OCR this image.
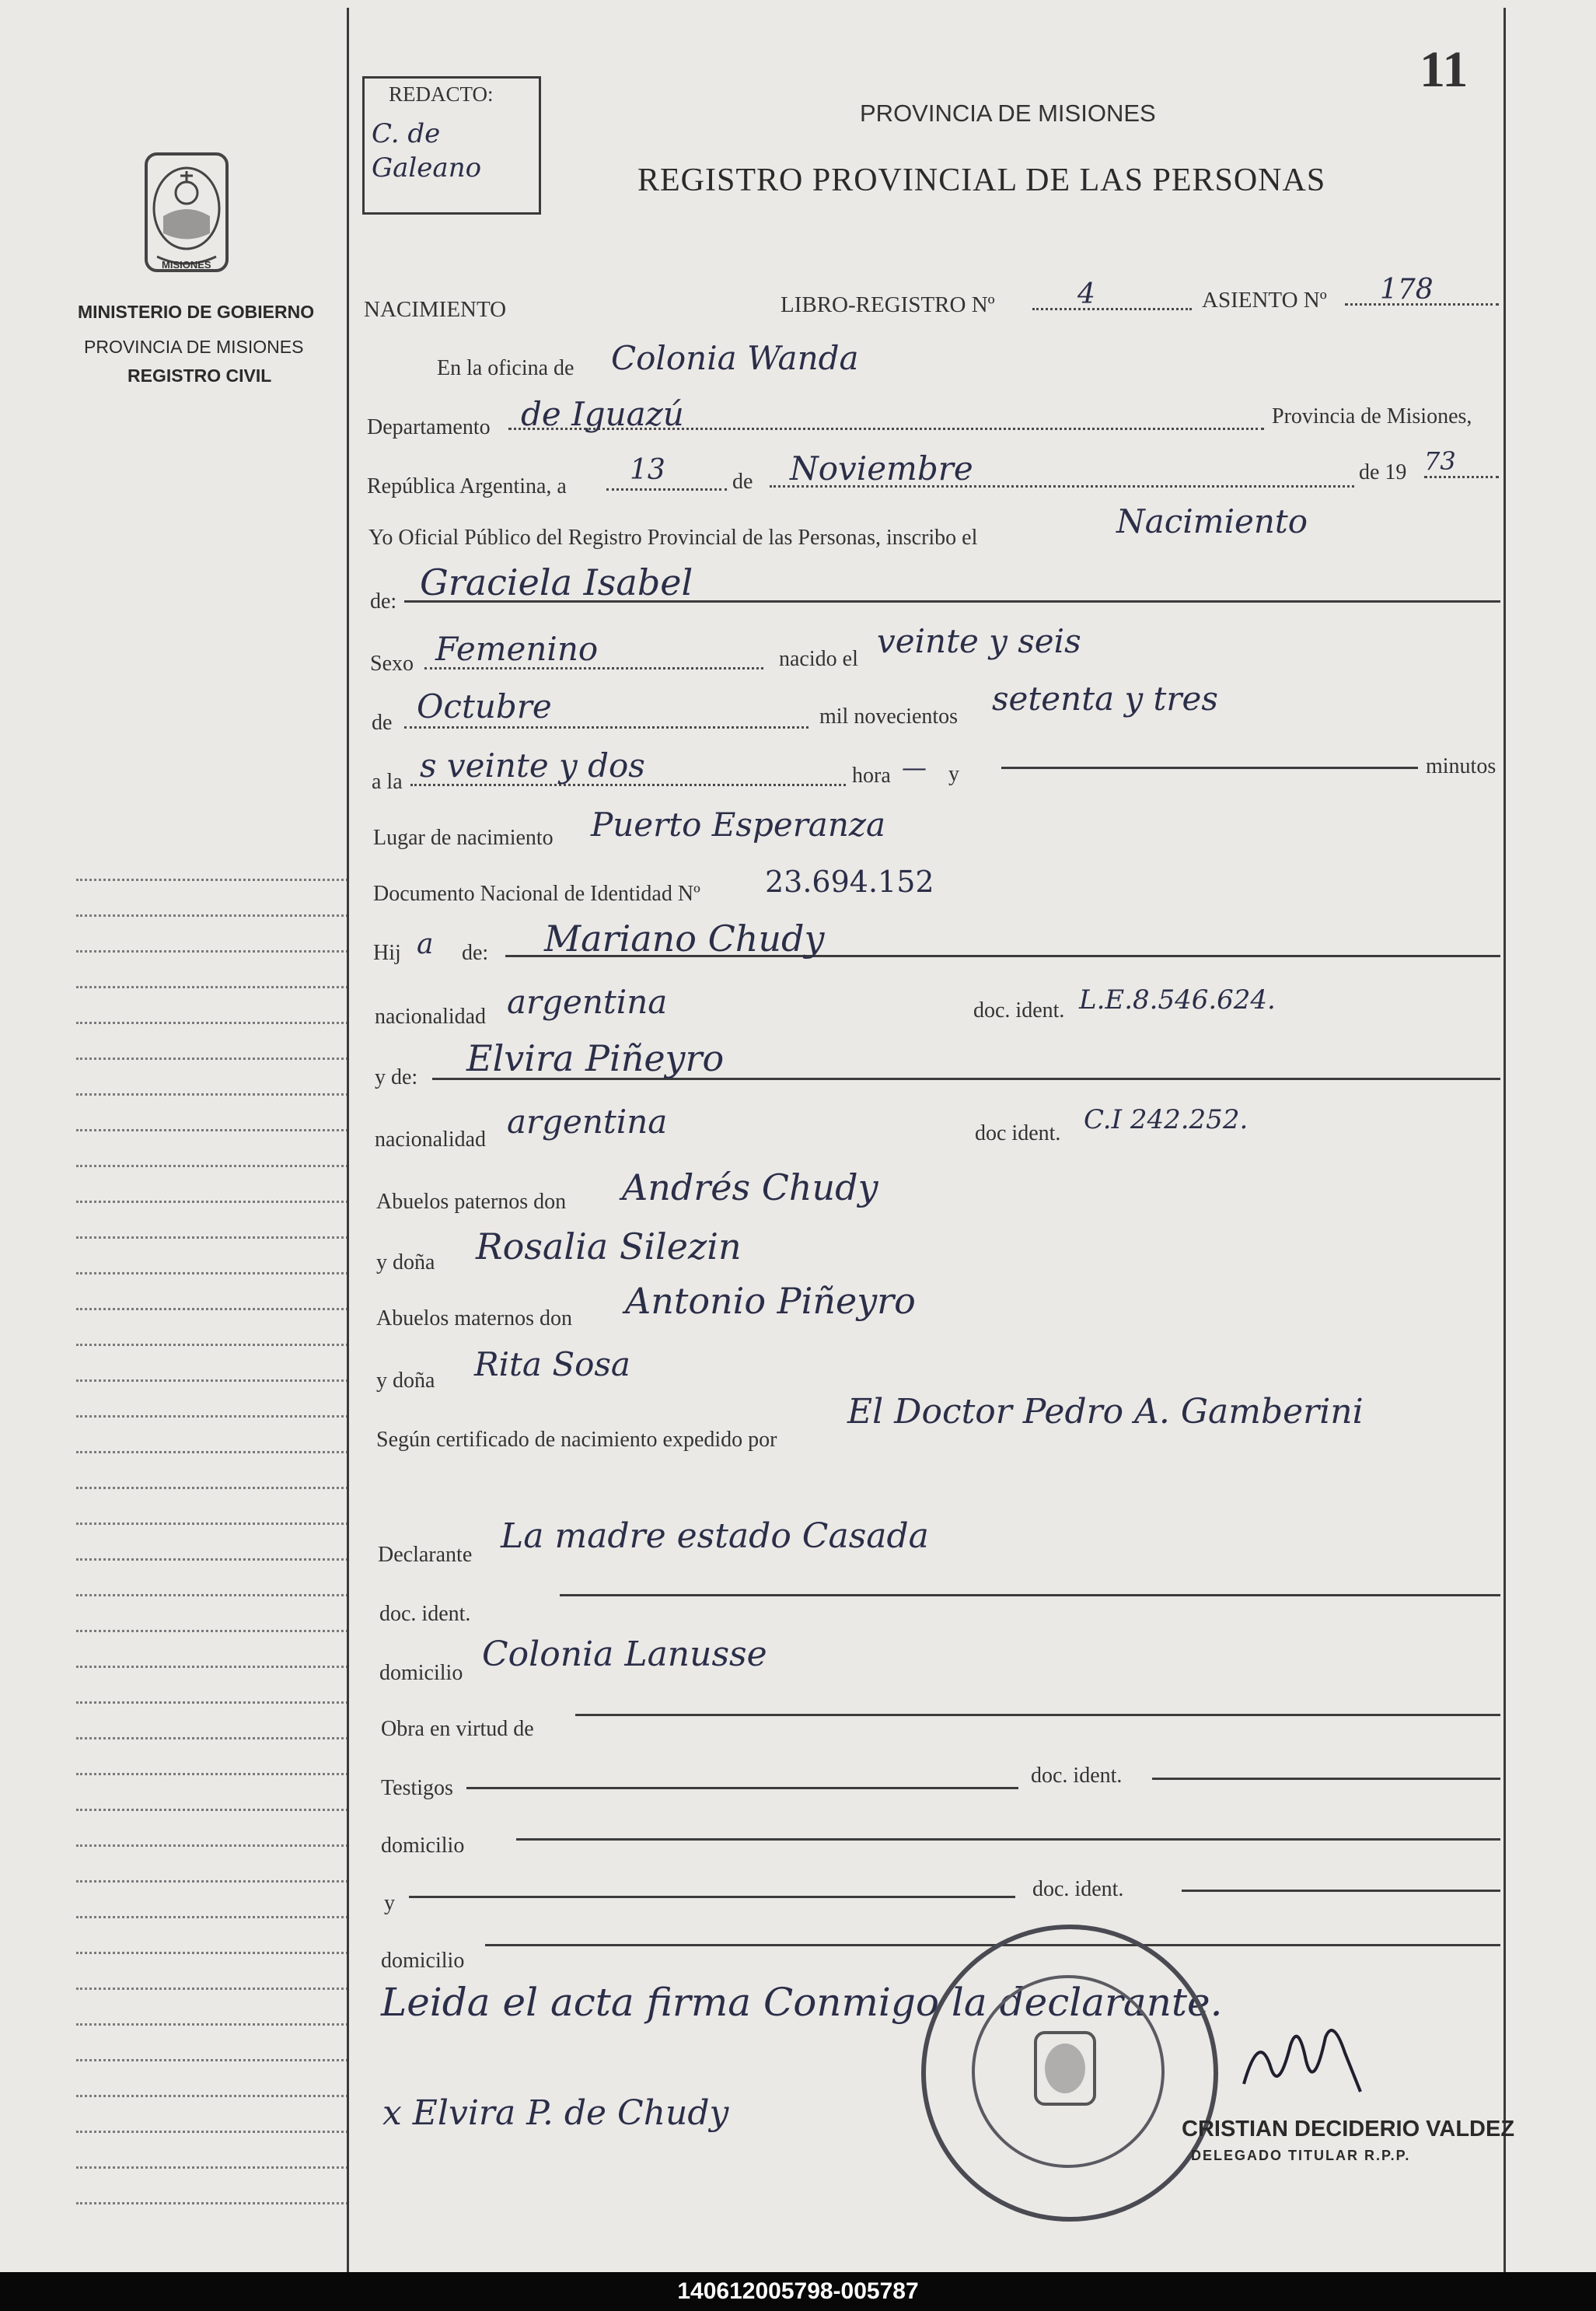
MISIONES
MINISTERIO DE GOBIERNO
PROVINCIA DE MISIONES
REGISTRO CIVIL
REDACTO:
C. de Galeano
11
PROVINCIA DE MISIONES
REGISTRO PROVINCIAL DE LAS PERSONAS
NACIMIENTO	LIBRO-REGISTRO Nº	4	ASIENTO Nº 178
En la oficina de Colonia Wanda
Departamento de Iguazú	Provincia de Misiones,
República Argentina, a
13	de Noviembre	de 19 73
Yo Oficial Público del Registro Provincial de las Personas, inscribo el	Nacimiento
de: Graciela Isabel
Sexo Femenino	nacido el veinte y seis
de Octubre	mil novecientos setenta y tres
a la s veinte y dos	hora — y	minutos
Lugar de nacimiento Puerto Esperanza
Documento Nacional de Identidad Nº 23.694.152
Hij a de: Mariano Chudy
nacionalidad argentina	doc. ident. L.E.8.546.624.
y de: Elvira Piñeyro
nacionalidad argentina	doc ident. C.I 242.252.
Abuelos paternos don Andrés Chudy
y doña Rosalia Silezin
Abuelos maternos don Antonio Piñeyro
y doña Rita Sosa
Según certificado de nacimiento expedido por
El Doctor Pedro A. Gamberini
Declarante La madre estado Casada
doc. ident.
domicilio Colonia Lanusse
Obra en virtud de
Testigos
doc. ident.
domicilio
y
doc. ident.
domicilio
Leida el acta firma Conmigo la declarante.
x Elvira P. de Chudy	CRISTIAN DECIDERIO VALDEZ
DELEGADO TITULAR R.P.P.
140612005798-005787
